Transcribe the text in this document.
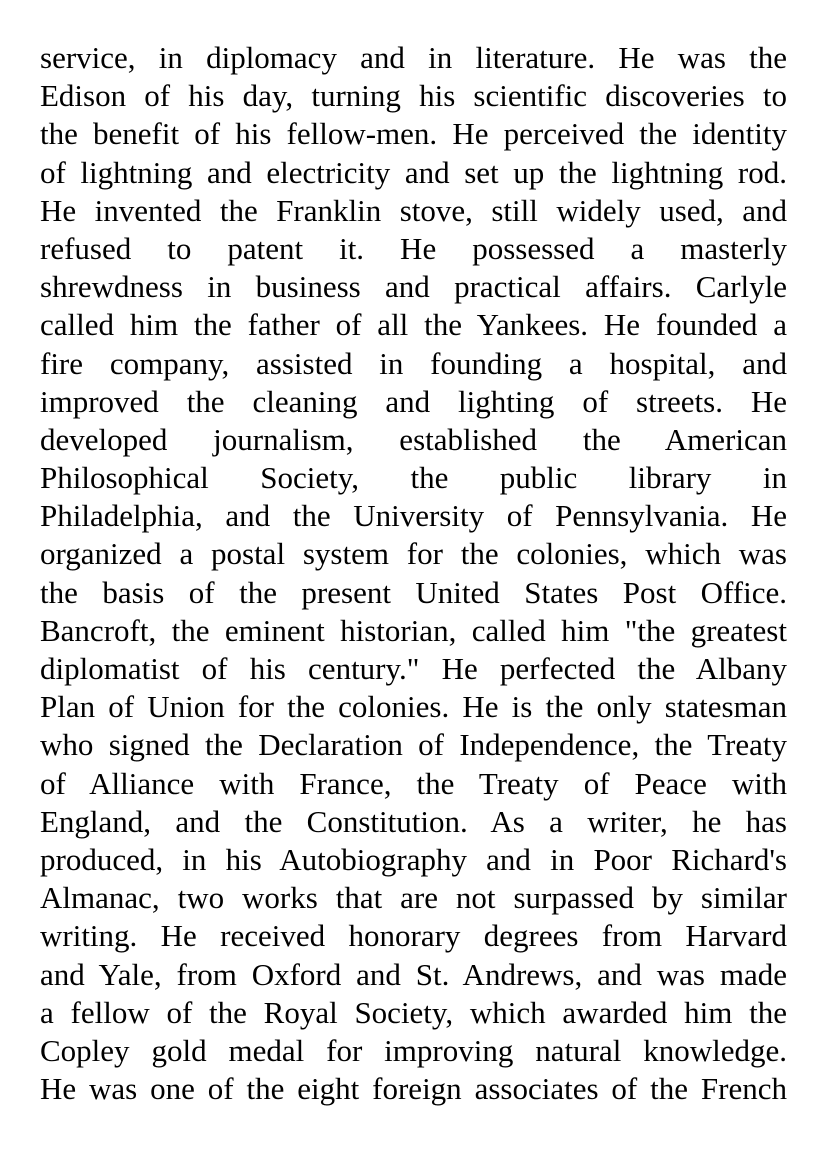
service, in diplomacy and in literature. He was the
Edison of his day, turning his scientific discoveries to
the benefit of his fellow-men. He perceived the identity
of lightning and electricity and set up the lightning rod.
He invented the Franklin stove, still widely used, and
refused to patent it. He possessed a masterly
shrewdness in business and practical affairs. Carlyle
called him the father of all the Yankees. He founded a
fire company, assisted in founding a hospital, and
improved the cleaning and lighting of streets. He
developed journalism, established the American
Philosophical Society, the public library in
Philadelphia, and the University of Pennsylvania. He
organized a postal system for the colonies, which was
the basis of the present United States Post Office.
Bancroft, the eminent historian, called him "the greatest
diplomatist of his century." He perfected the Albany
Plan of Union for the colonies. He is the only statesman
who signed the Declaration of Independence, the Treaty
of Alliance with France, the Treaty of Peace with
England, and the Constitution. As a writer, he has
produced, in his Autobiography and in Poor Richard's
Almanac, two works that are not surpassed by similar
writing. He received honorary degrees from Harvard
and Yale, from Oxford and St. Andrews, and was made
a fellow of the Royal Society, which awarded him the
Copley gold medal for improving natural knowledge.
He was one of the eight foreign associates of the French
